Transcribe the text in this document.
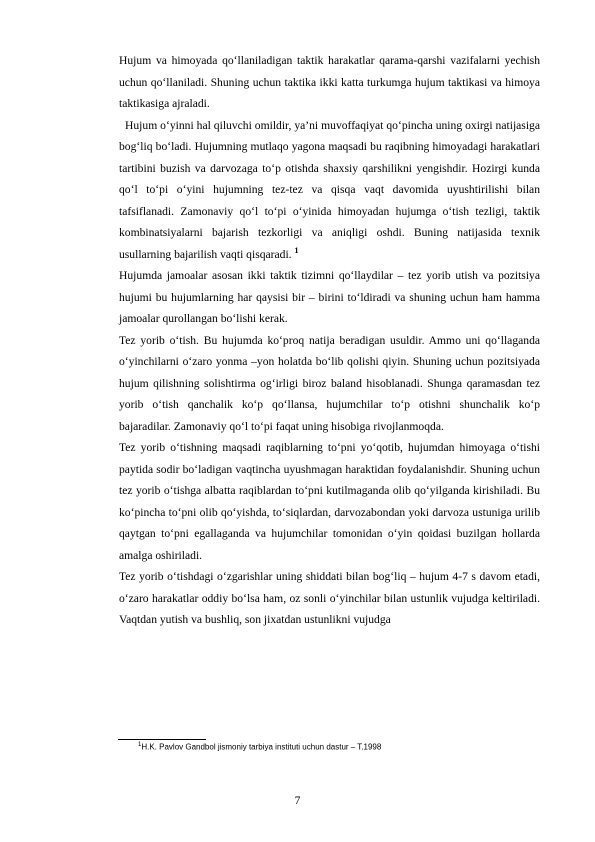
Hujum va himoyada qo‘llaniladigan taktik harakatlar qarama-qarshi vazifalarni yechish uchun qo‘llaniladi. Shuning uchun taktika ikki katta turkumga hujum taktikasi va himoya taktikasiga ajraladi.

Hujum o‘yinni hal qiluvchi omildir, ya’ni muvoffaqiyat qo‘pincha uning oxirgi natijasiga bog‘liq bo‘ladi. Hujumning mutlaqo yagona maqsadi bu raqibning himoyadagi harakatlari tartibini buzish va darvozaga to‘p otishda shaxsiy qarshilikni yengishdir. Hozirgi kunda qo‘l to‘pi o‘yini hujumning tez-tez va qisqa vaqt davomida uyushtirilishi bilan tafsiflanadi. Zamonaviy qo‘l to‘pi o‘yinida himoyadan hujumga o‘tish tezligi, taktik kombinatsiyalarni bajarish tezkorligi va aniqligi oshdi. Buning natijasida texnik usullarning bajarilish vaqti qisqaradi. $^1$

Hujumda jamoalar asosan ikki taktik tizimni qo‘llaydilar – tez yorib utish va pozitsiya hujumi bu hujumlarning har qaysisi bir – birini to‘ldiradi va shuning uchun ham hamma jamoalar qurollangan bo‘lishi kerak.

Tez yorib o‘tish. Bu hujumda ko‘proq natija beradigan usuldir. Ammo uni qo‘llaganda o‘yinchilarni o‘zaro yonma –yon holatda bo‘lib qolishi qiyin. Shuning uchun pozitsiyada hujum qilishning solishtirma og‘irligi biroz baland hisoblanadi. Shunga qaramasdan tez yorib o‘tish qanchalik ko‘p qo‘llansa, hujumchilar to‘p otishni shunchalik ko‘p bajaradilar. Zamonaviy qo‘l to‘pi faqat uning hisobiga rivojlanmoqda.

Tez yorib o‘tishning maqsadi raqiblarning to‘pni yo‘qotib, hujumdan himoyaga o‘tishi paytida sodir bo‘ladigan vaqtincha uyushmagan haraktidan foydalanishdir. Shuning uchun tez yorib o‘tishga albatta raqiblardan to‘pni kutilmaganda olib qo‘yilganda kirishiladi. Bu ko‘pincha to‘pni olib qo‘yishda, to‘siqlardan, darvozabondan yoki darvoza ustuniga urilib qaytgan to‘pni egallaganda va hujumchilar tomonidan o‘yin qoidasi buzilgan hollarda amalga oshiriladi.

Tez yorib o‘tishdagi o‘zgarishlar uning shiddati bilan bog‘liq – hujum 4-7 s davom etadi, o‘zaro harakatlar oddiy bo‘lsa ham, oz sonli o‘yinchilar bilan ustunlik vujudga keltiriladi. Vaqtdan yutish va bushliq, son jixatdan ustunlikni vujudga

$^1$H.K. Pavlov Gandbol jismoniy tarbiya instituti uchun dastur – T.1998
7
